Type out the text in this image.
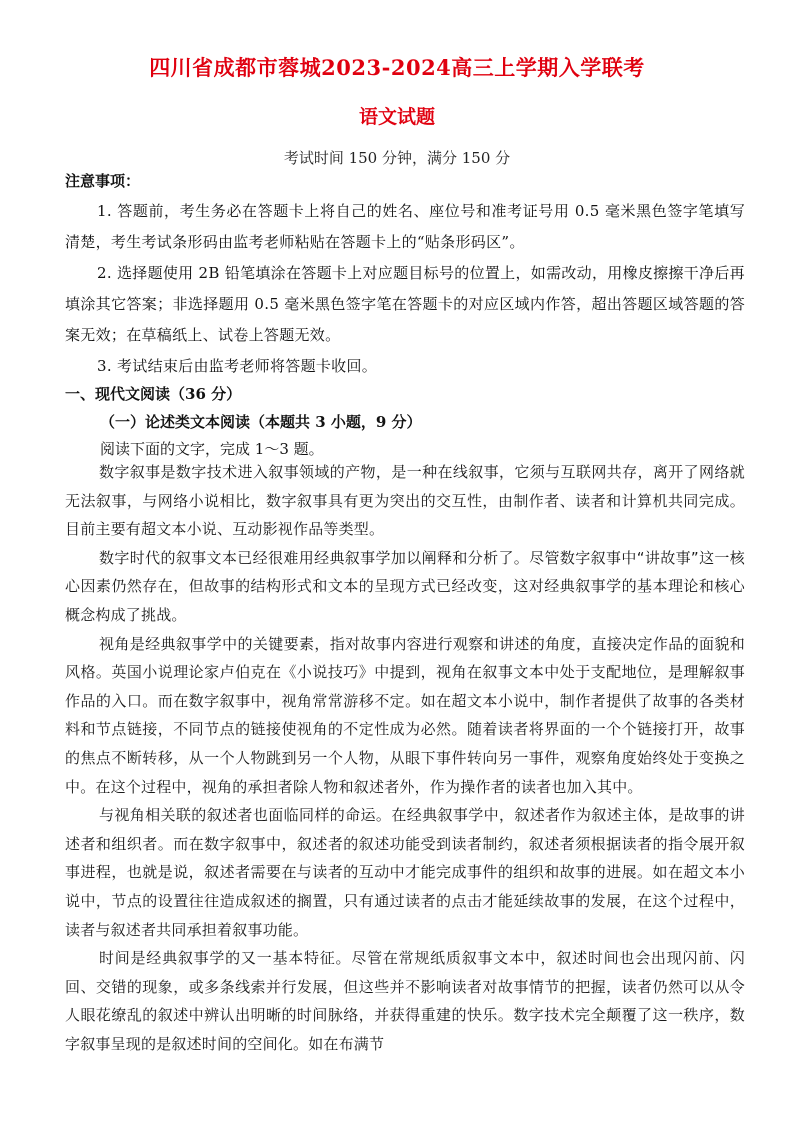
四川省成都市蓉城2023-2024高三上学期入学联考
语文试题
考试时间 150 分钟，满分 150 分
注意事项：

1. 答题前，考生务必在答题卡上将自己的姓名、座位号和准考证号用 0.5 毫米黑色签字笔填写清楚，考生考试条形码由监考老师粘贴在答题卡上的“贴条形码区”。

2. 选择题使用 2B 铅笔填涂在答题卡上对应题目标号的位置上，如需改动，用橡皮擦擦干净后再填涂其它答案；非选择题用 0.5 毫米黑色签字笔在答题卡的对应区域内作答，超出答题区域答题的答案无效；在草稿纸上、试卷上答题无效。

3. 考试结束后由监考老师将答题卡收回。

一、现代文阅读（36 分）
（一）论述类文本阅读（本题共 3 小题，9 分）
阅读下面的文字，完成 1～3 题。

数字叙事是数字技术进入叙事领域的产物，是一种在线叙事，它须与互联网共存，离开了网络就无法叙事，与网络小说相比，数字叙事具有更为突出的交互性，由制作者、读者和计算机共同完成。目前主要有超文本小说、互动影视作品等类型。

数字时代的叙事文本已经很难用经典叙事学加以阐释和分析了。尽管数字叙事中“讲故事”这一核心因素仍然存在，但故事的结构形式和文本的呈现方式已经改变，这对经典叙事学的基本理论和核心概念构成了挑战。

视角是经典叙事学中的关键要素，指对故事内容进行观察和讲述的角度，直接决定作品的面貌和风格。英国小说理论家卢伯克在《小说技巧》中提到，视角在叙事文本中处于支配地位，是理解叙事作品的入口。而在数字叙事中，视角常常游移不定。如在超文本小说中，制作者提供了故事的各类材料和节点链接，不同节点的链接使视角的不定性成为必然。随着读者将界面的一个个链接打开，故事的焦点不断转移，从一个人物跳到另一个人物，从眼下事件转向另一事件，观察角度始终处于变换之中。在这个过程中，视角的承担者除人物和叙述者外，作为操作者的读者也加入其中。

与视角相关联的叙述者也面临同样的命运。在经典叙事学中，叙述者作为叙述主体，是故事的讲述者和组织者。而在数字叙事中，叙述者的叙述功能受到读者制约，叙述者须根据读者的指令展开叙事进程，也就是说，叙述者需要在与读者的互动中才能完成事件的组织和故事的进展。如在超文本小说中，节点的设置往往造成叙述的搁置，只有通过读者的点击才能延续故事的发展，在这个过程中，读者与叙述者共同承担着叙事功能。

时间是经典叙事学的又一基本特征。尽管在常规纸质叙事文本中，叙述时间也会出现闪前、闪回、交错的现象，或多条线索并行发展，但这些并不影响读者对故事情节的把握，读者仍然可以从令人眼花缭乱的叙述中辨认出明晰的时间脉络，并获得重建的快乐。数字技术完全颠覆了这一秩序，数字叙事呈现的是叙述时间的空间化。如在布满节
